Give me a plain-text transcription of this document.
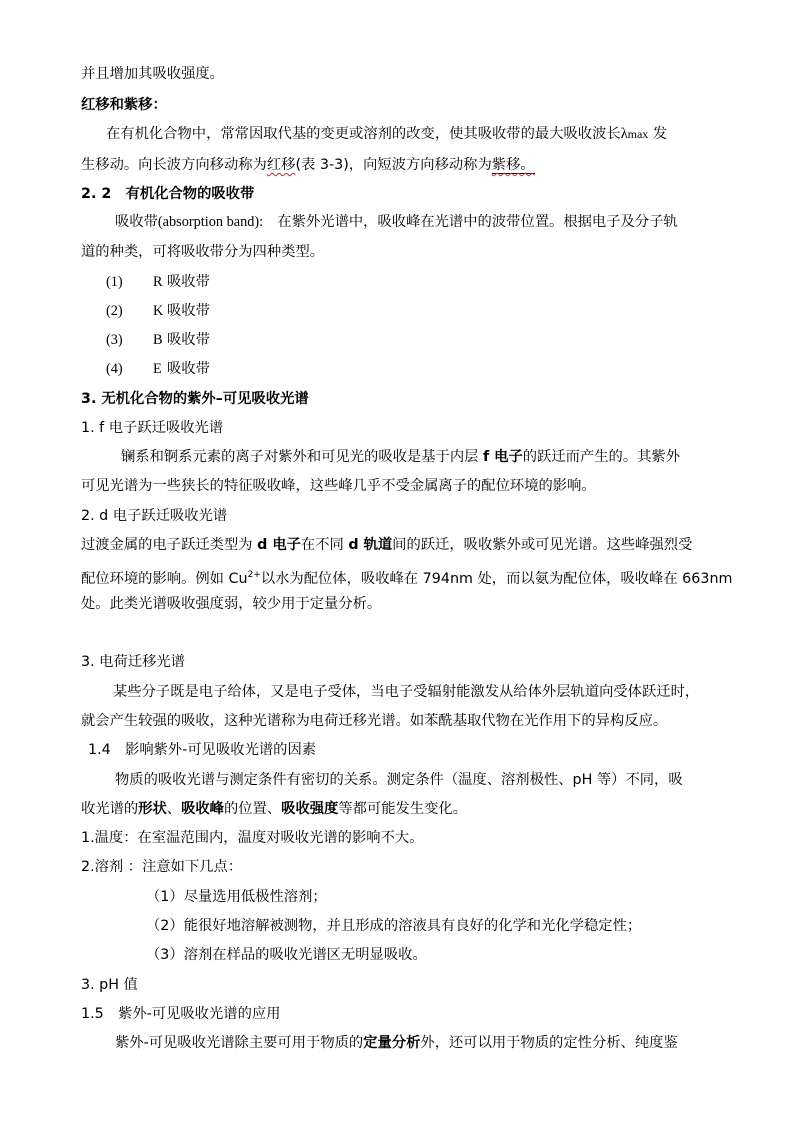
并且增加其吸收强度。
红移和紫移：
在有机化合物中，常常因取代基的变更或溶剂的改变，使其吸收带的最大吸收波长λmax 发
生移动。向长波方向移动称为红移(表 3-3)，向短波方向移动称为紫移。
2. 2　有机化合物的吸收带
吸收带(absorption band):　在紫外光谱中，吸收峰在光谱中的波带位置。根据电子及分子轨
道的种类，可将吸收带分为四种类型。
(1) R 吸收带
(2) K 吸收带
(3) B 吸收带
(4) E 吸收带
3. 无机化合物的紫外–可见吸收光谱
1. f 电子跃迁吸收光谱
镧系和锕系元素的离子对紫外和可见光的吸收是基于内层 f 电子的跃迁而产生的。其紫外
可见光谱为一些狭长的特征吸收峰，这些峰几乎不受金属离子的配位环境的影响。
2. d 电子跃迁吸收光谱
过渡金属的电子跃迁类型为 d 电子在不同 d 轨道间的跃迁，吸收紫外或可见光谱。这些峰强烈受
配位环境的影响。例如 $Cu^{2+}$以水为配位体，吸收峰在 794nm 处，而以氨为配位体，吸收峰在 663nm
处。此类光谱吸收强度弱，较少用于定量分析。
3. 电荷迁移光谱
某些分子既是电子给体，又是电子受体，当电子受辐射能激发从给体外层轨道向受体跃迁时，
就会产生较强的吸收，这种光谱称为电荷迁移光谱。如苯酰基取代物在光作用下的异构反应。
1.4　影响紫外-可见吸收光谱的因素
物质的吸收光谱与测定条件有密切的关系。测定条件（温度、溶剂极性、pH 等）不同，吸
收光谱的形状、吸收峰的位置、吸收强度等都可能发生变化。
1.温度：在室温范围内，温度对吸收光谱的影响不大。
2.溶剂 ：注意如下几点：
（1）尽量选用低极性溶剂；
（2）能很好地溶解被测物，并且形成的溶液具有良好的化学和光化学稳定性；
（3）溶剂在样品的吸收光谱区无明显吸收。
3. pH 值
1.5　紫外-可见吸收光谱的应用
紫外-可见吸收光谱除主要可用于物质的定量分析外，还可以用于物质的定性分析、纯度鉴
